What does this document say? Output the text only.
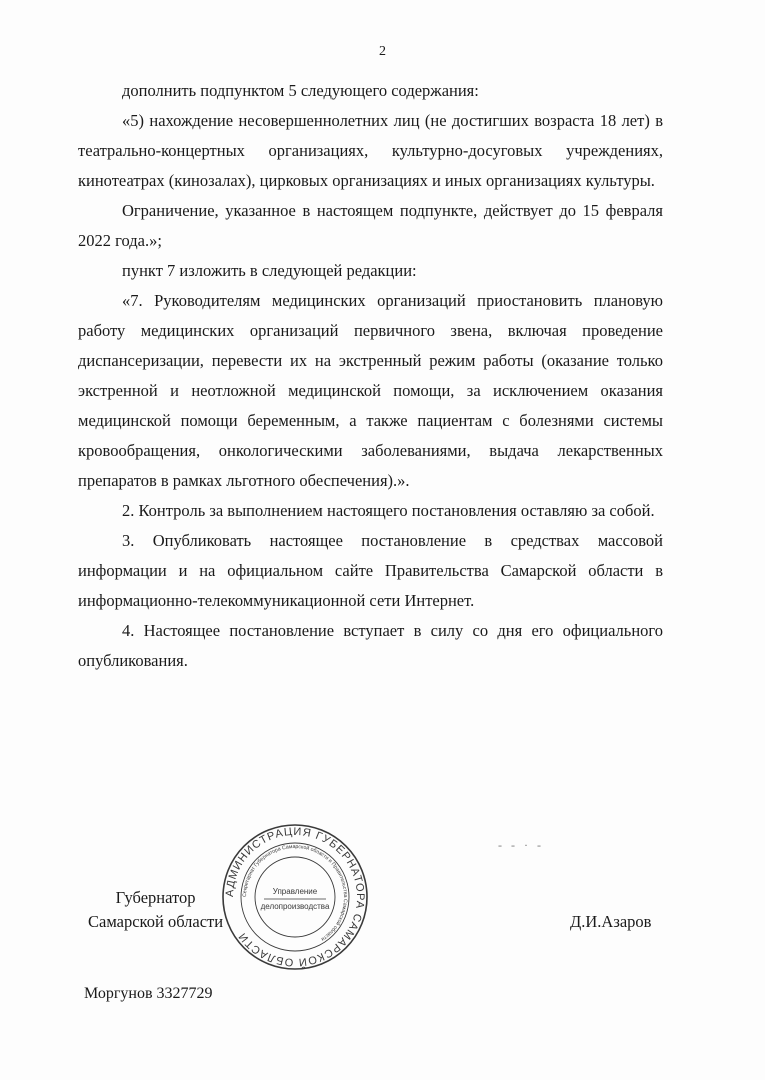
2

дополнить подпунктом 5 следующего содержания:

«5) нахождение несовершеннолетних лиц (не достигших возраста 18 лет) в театрально-концертных организациях, культурно-досуговых учреждениях, кинотеатрах (кинозалах), цирковых организациях и иных организациях культуры.

Ограничение, указанное в настоящем подпункте, действует до 15 февраля 2022 года.»;

пункт 7 изложить в следующей редакции:

«7. Руководителям медицинских организаций приостановить плановую работу медицинских организаций первичного звена, включая проведение диспансеризации, перевести их на экстренный режим работы (оказание только экстренной и неотложной медицинской помощи, за исключением оказания медицинской помощи беременным, а также пациентам с болезнями системы кровообращения, онкологическими заболеваниями, выдача лекарственных препаратов в рамках льготного обеспечения).».

2. Контроль за выполнением настоящего постановления оставляю за собой.

3. Опубликовать настоящее постановление в средствах массовой информации и на официальном сайте Правительства Самарской области в информационно-телекоммуникационной сети Интернет.

4. Настоящее постановление вступает в силу со дня его официального опубликования.

‐ ‐ · ‐
АДМИНИСТРАЦИЯ ГУБЕРНАТОРА САМАРСКОЙ ОБЛАСТИ
Секретариат Губернатора Самарской области и Правительства Самарской области
Управление
делопроизводства
Губернатор
Самарской области	Д.И.Азаров
Моргунов 3327729
